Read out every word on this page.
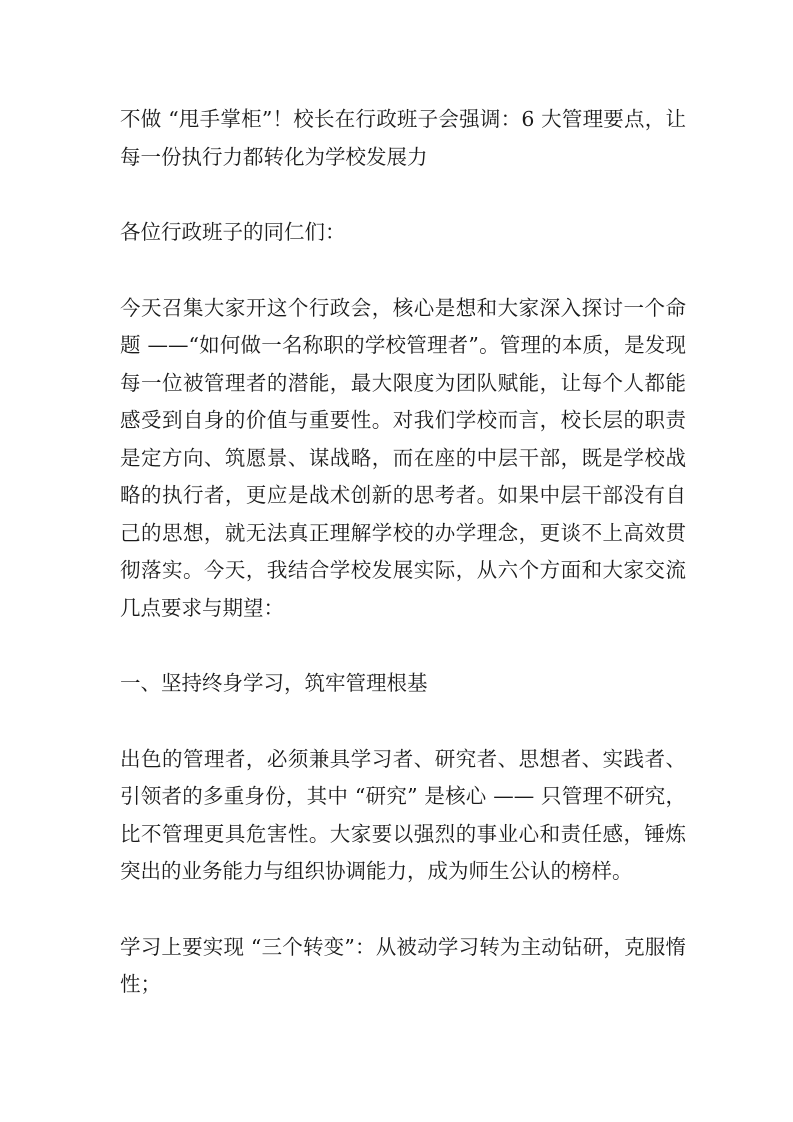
不做 “甩手掌柜”！校长在行政班子会强调：6 大管理要点，让每一份执行力都转化为学校发展力

各位行政班子的同仁们：

今天召集大家开这个行政会，核心是想和大家深入探讨一个命题 ——“如何做一名称职的学校管理者”。管理的本质，是发现每一位被管理者的潜能，最大限度为团队赋能，让每个人都能感受到自身的价值与重要性。对我们学校而言，校长层的职责是定方向、筑愿景、谋战略，而在座的中层干部，既是学校战略的执行者，更应是战术创新的思考者。如果中层干部没有自己的思想，就无法真正理解学校的办学理念，更谈不上高效贯彻落实。今天，我结合学校发展实际，从六个方面和大家交流几点要求与期望：

一、坚持终身学习，筑牢管理根基

出色的管理者，必须兼具学习者、研究者、思想者、实践者、引领者的多重身份，其中 “研究” 是核心 —— 只管理不研究，比不管理更具危害性。大家要以强烈的事业心和责任感，锤炼突出的业务能力与组织协调能力，成为师生公认的榜样。

学习上要实现 “三个转变”：从被动学习转为主动钻研，克服惰性；
